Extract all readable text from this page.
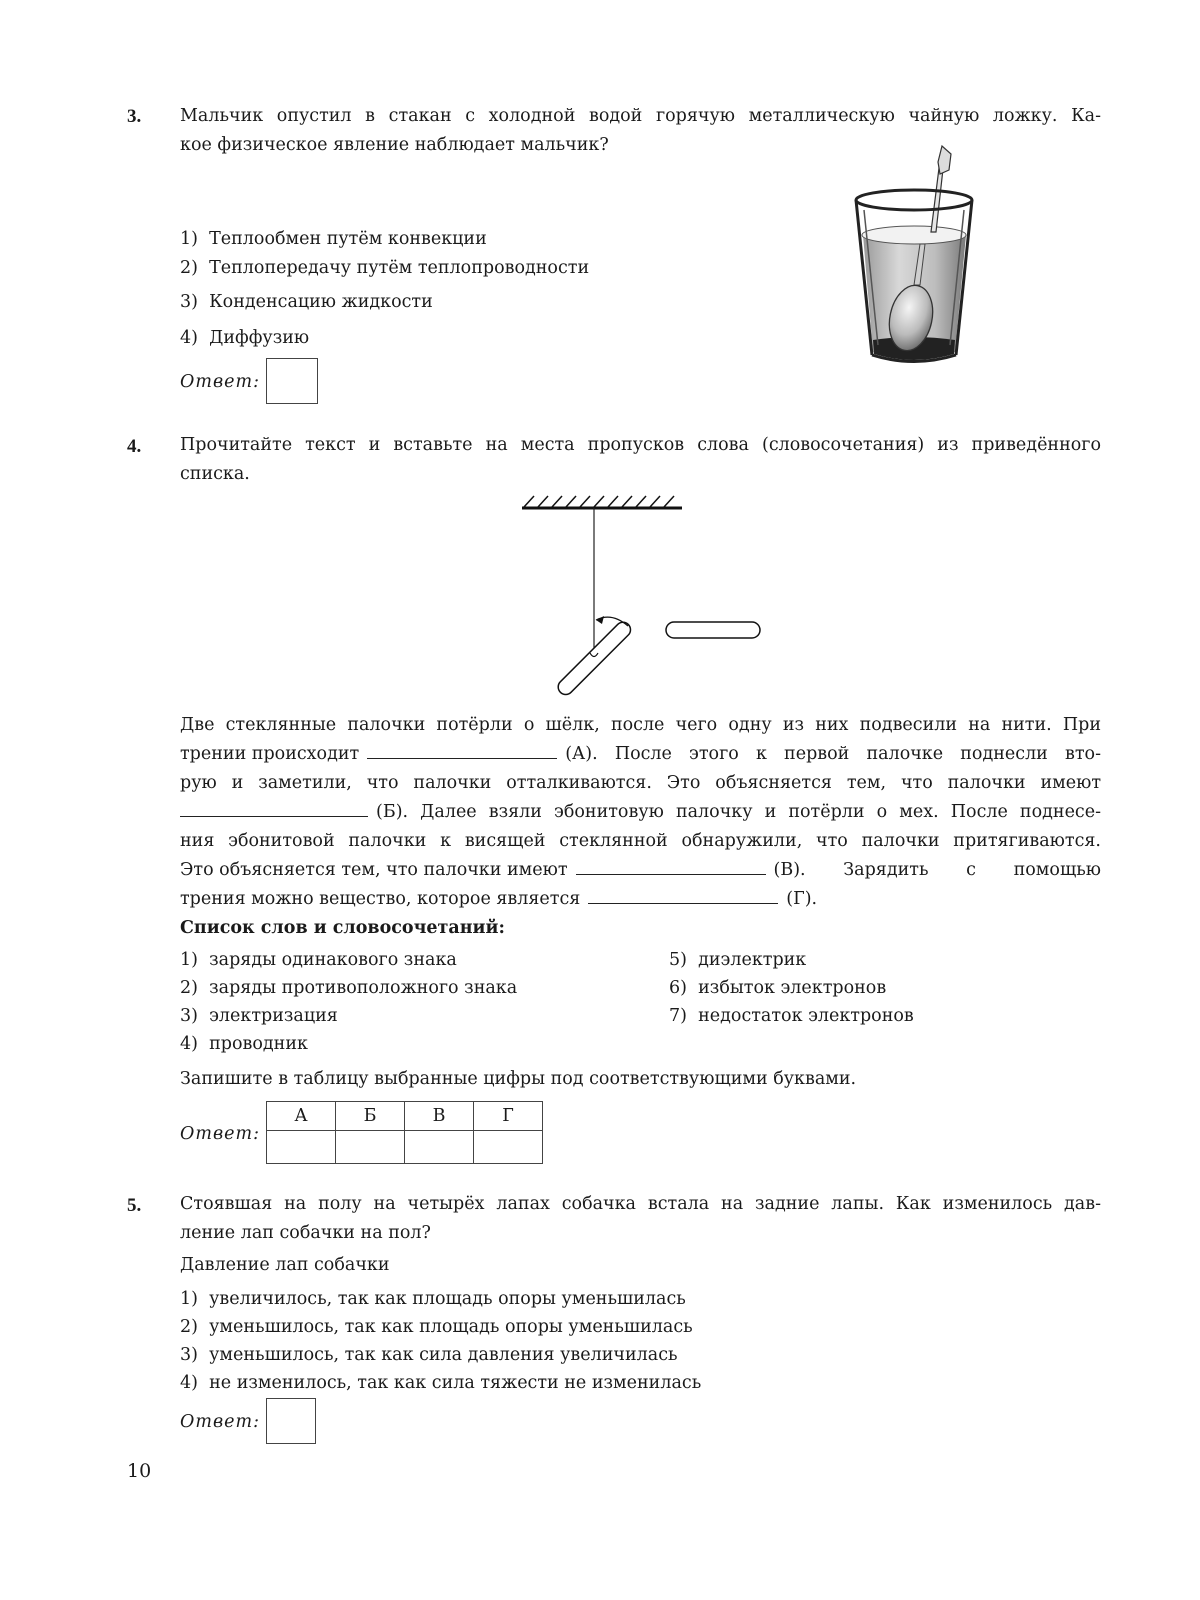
3. Мальчик опустил в стакан с холодной водой горячую металлическую чайную ложку. Ка-
кое физическое явление наблюдает мальчик?
1) Теплообмен путём конвекции
2) Теплопередачу путём теплопроводности
3) Конденсацию жидкости
4) Диффузию
Ответ:
4. Прочитайте текст и вставьте на места пропусков слова (словосочетания) из приведённого
списка.
Две стеклянные палочки потёрли о шёлк, после чего одну из них подвесили на нити. При
трении происходит	(А). После этого к первой палочке поднесли вто-
рую и заметили, что палочки отталкиваются. Это объясняется тем, что палочки имеют
(Б). Далее взяли эбонитовую палочку и потёрли о мех. После поднесе-
ния эбонитовой палочки к висящей стеклянной обнаружили, что палочки притягиваются.
Это объясняется тем, что палочки имеют	(В). Зарядить с помощью
трения можно вещество, которое является	(Г).
Список слов и словосочетаний:
1) заряды одинакового знака
2) заряды противоположного знака
3) электризация
4) проводник
5) диэлектрик
6) избыток электронов
7) недостаток электронов
Запишите в таблицу выбранные цифры под соответствующими буквами.
Ответ:
А	Б	В	Г

5. Стоявшая на полу на четырёх лапах собачка встала на задние лапы. Как изменилось дав-
ление лап собачки на пол?
Давление лап собачки
1) увеличилось, так как площадь опоры уменьшилась
2) уменьшилось, так как площадь опоры уменьшилась
3) уменьшилось, так как сила давления увеличилась
4) не изменилось, так как сила тяжести не изменилась
Ответ:
10
